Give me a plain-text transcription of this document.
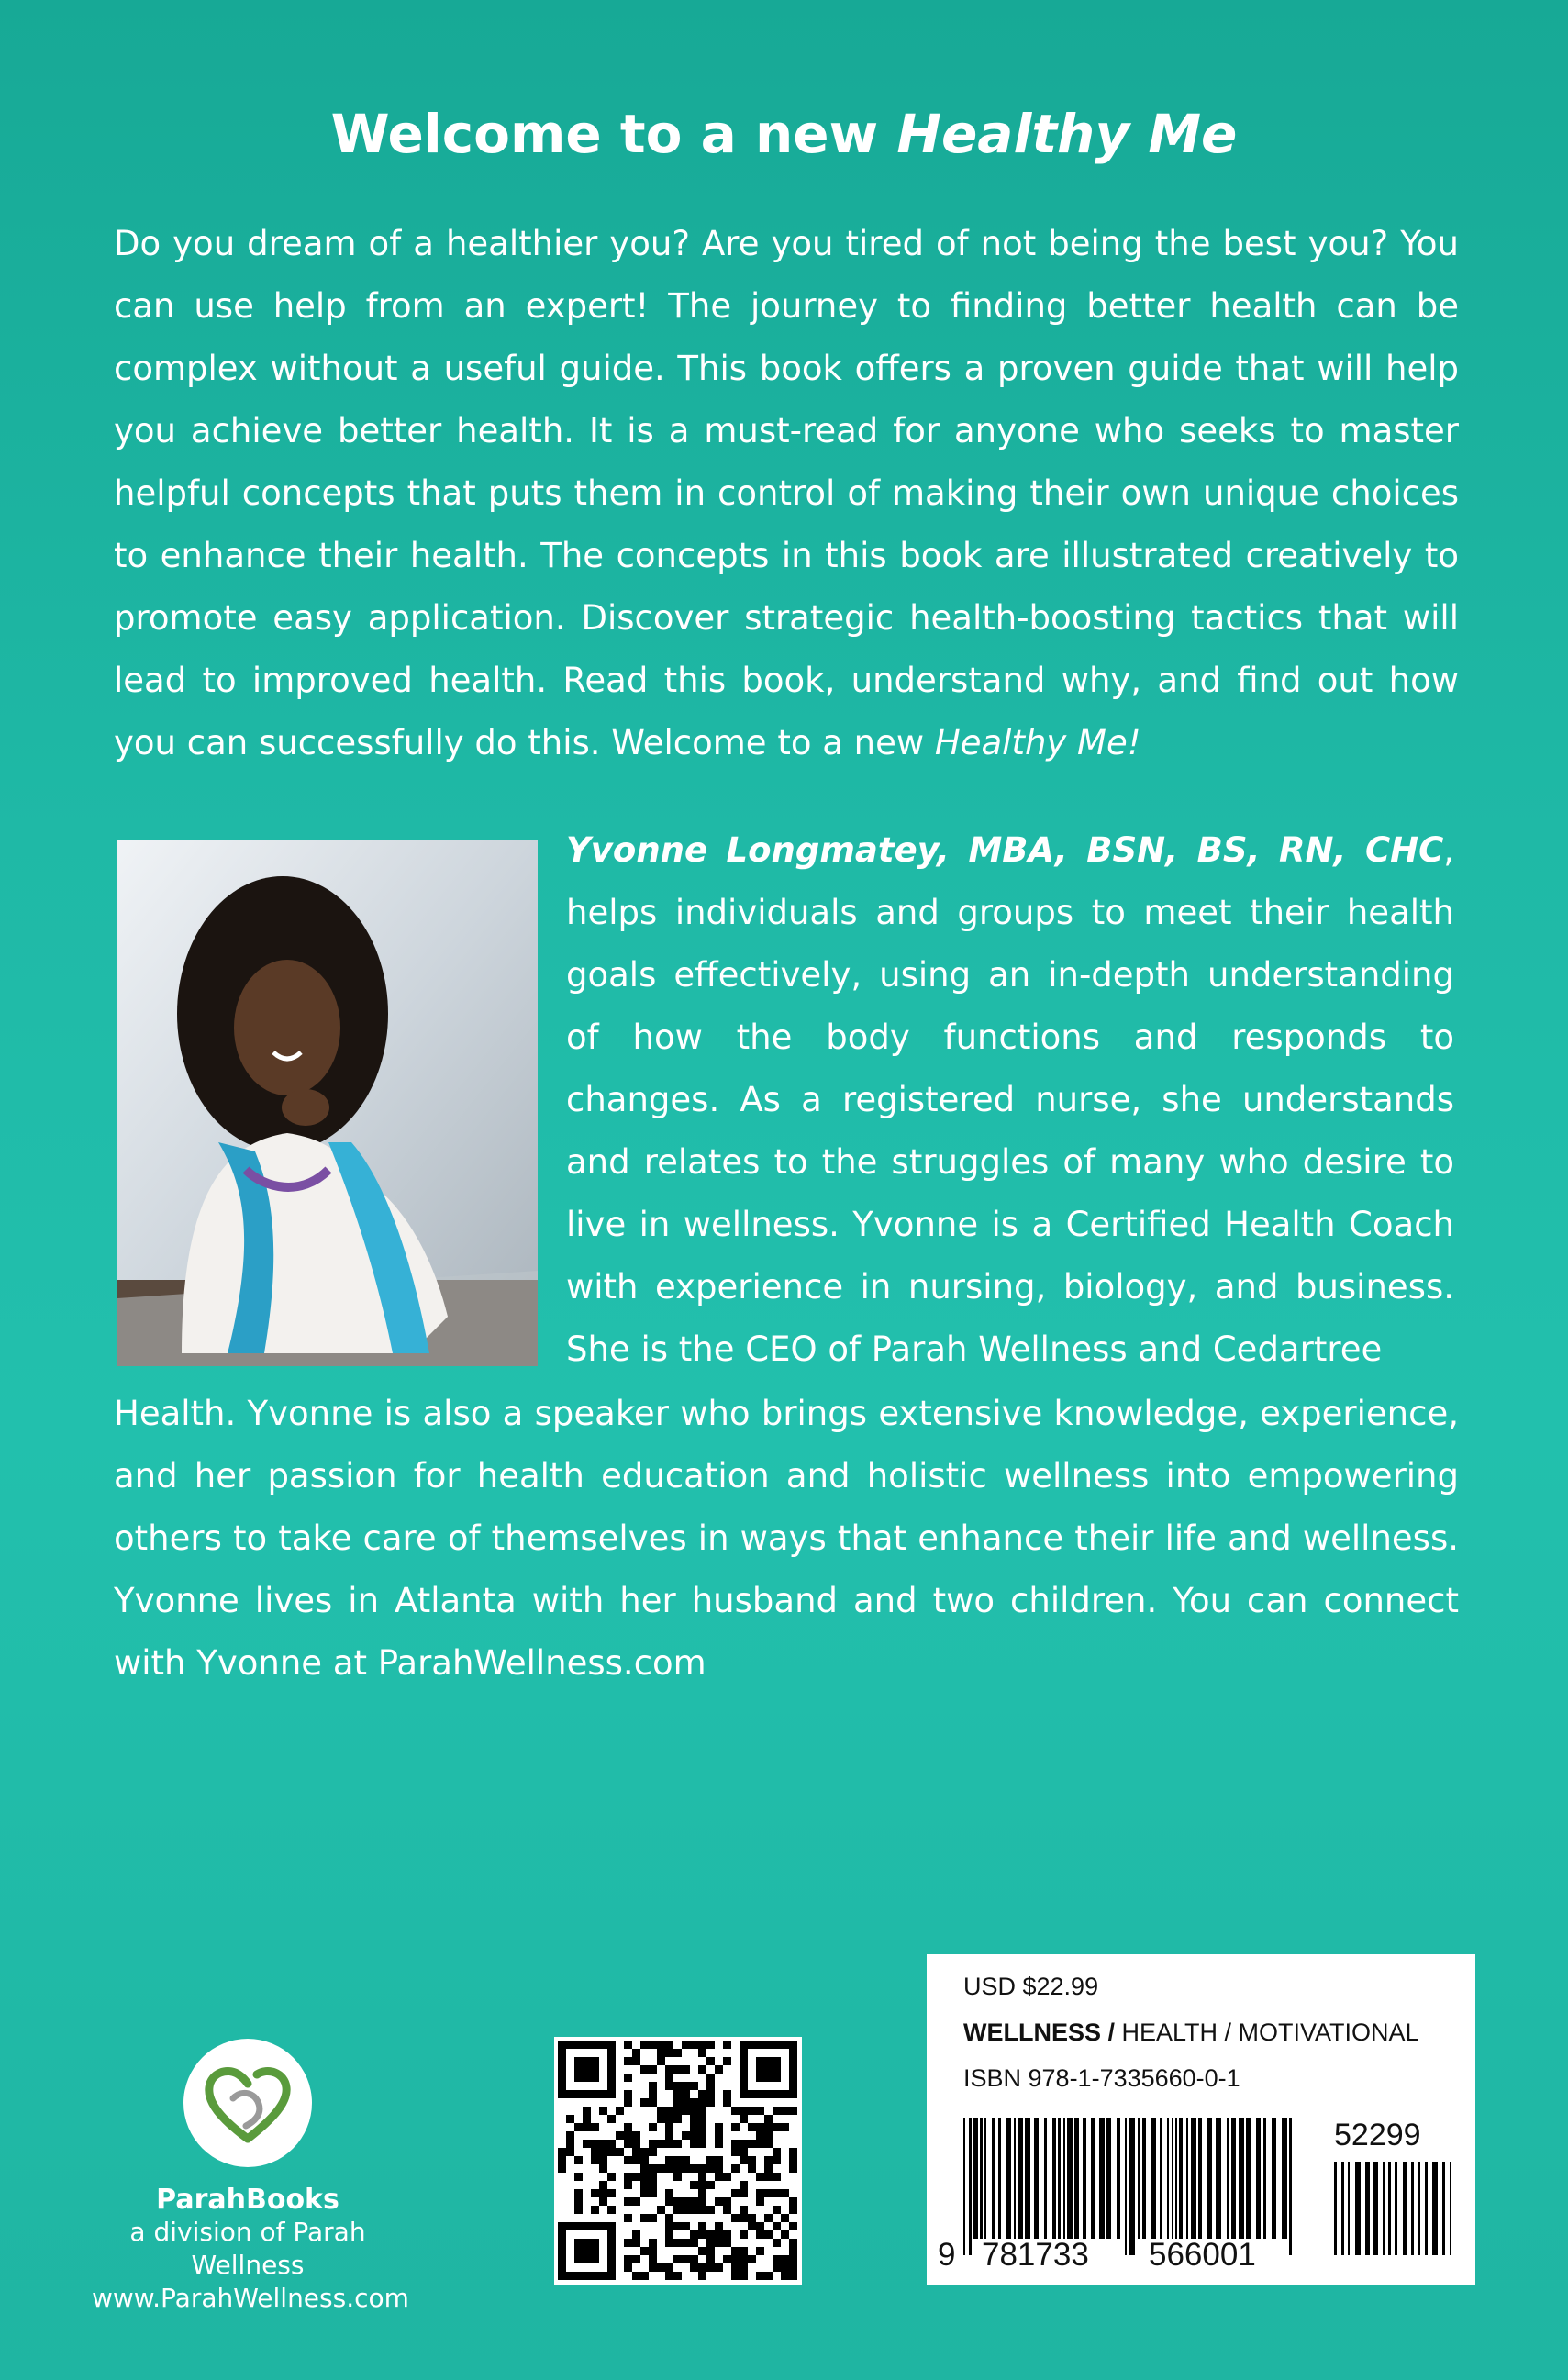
Welcome to a new Healthy Me

Do you dream of a healthier you? Are you tired of not being the best you? You can use help from an expert! The journey to finding better health can be complex without a useful guide. This book offers a proven guide that will help you achieve better health. It is a must-read for anyone who seeks to master helpful concepts that puts them in control of making their own unique choices to enhance their health. The concepts in this book are illustrated creatively to promote easy application. Discover strategic health-boosting tactics that will lead to improved health. Read this book, understand why, and find out how you can successfully do this. Welcome to a new Healthy Me!

Yvonne Longmatey, MBA, BSN, BS, RN, CHC, helps individuals and groups to meet their health goals effectively, using an in-depth understanding of how the body functions and responds to changes. As a registered nurse, she understands and relates to the struggles of many who desire to live in wellness. Yvonne is a Certified Health Coach with experience in nursing, biology, and business. She is the CEO of Parah Wellness and Cedartree

Health. Yvonne is also a speaker who brings extensive knowledge, experience, and her passion for health education and holistic wellness into empowering others to take care of themselves in ways that enhance their life and wellness. Yvonne lives in Atlanta with her husband and two children. You can connect with Yvonne at ParahWellness.com

ParahBooks
a division of Parah Wellness
www.ParahWellness.com
USD $22.99
WELLNESS / HEALTH / MOTIVATIONAL
ISBN 978-1-7335660-0-1
52299
9 781733 566001
